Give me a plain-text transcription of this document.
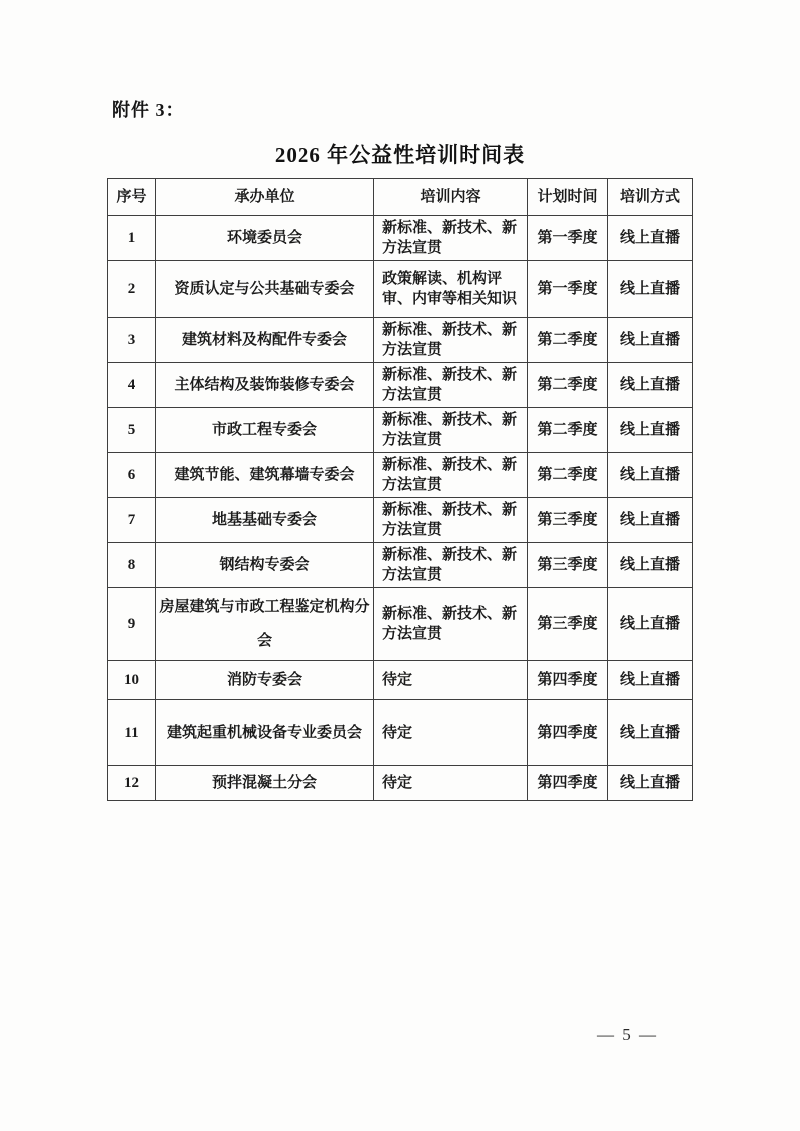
附件 3：
2026 年公益性培训时间表
序号	承办单位	培训内容	计划时间	培训方式
1	环境委员会	新标准、新技术、新方法宣贯	第一季度	线上直播
2	资质认定与公共基础专委会	政策解读、机构评审、内审等相关知识	第一季度	线上直播
3	建筑材料及构配件专委会	新标准、新技术、新方法宣贯	第二季度	线上直播
4	主体结构及装饰装修专委会	新标准、新技术、新方法宣贯	第二季度	线上直播
5	市政工程专委会	新标准、新技术、新方法宣贯	第二季度	线上直播
6	建筑节能、建筑幕墙专委会	新标准、新技术、新方法宣贯	第二季度	线上直播
7	地基基础专委会	新标准、新技术、新方法宣贯	第三季度	线上直播
8	钢结构专委会	新标准、新技术、新方法宣贯	第三季度	线上直播
9	房屋建筑与市政工程鉴定机构分会	新标准、新技术、新方法宣贯	第三季度	线上直播
10	消防专委会	待定	第四季度	线上直播
11	建筑起重机械设备专业委员会	待定	第四季度	线上直播
12	预拌混凝土分会	待定	第四季度	线上直播
— 5 —
